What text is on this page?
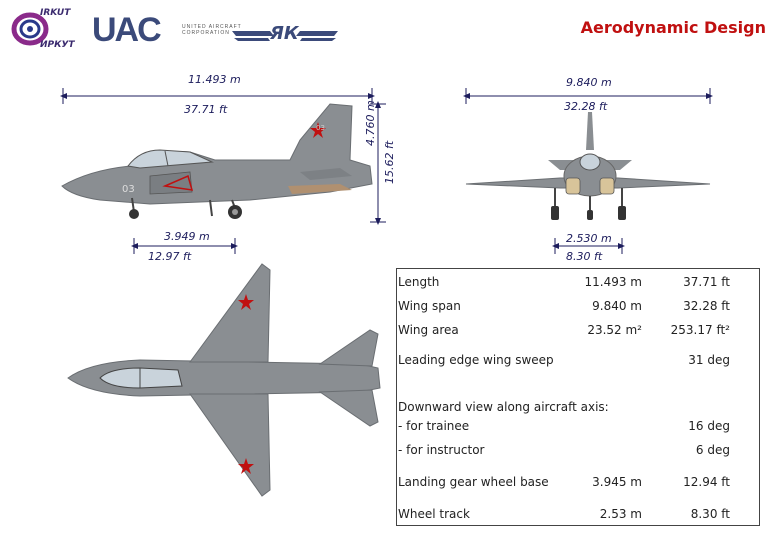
IRKUT
ИРКУТ UAC	UNITED AIRCRAFT CORPORATION	ЯК	Aerodynamic Design
11.493 m
37.71 ft	4.760 m
15.62 ft
3.949 m
12.97 ft
9.840 m
32.28 ft
2.530 m
8.30 ft
03
03
Length	11.493 m	37.71 ft
Wing span	9.840 m	32.28 ft
Wing area	23.52 m²	253.17 ft²
Leading edge wing sweep		31 deg
Downward view along aircraft axis:		
- for trainee		16 deg
- for instructor		6 deg
Landing gear wheel base	3.945 m	12.94 ft
Wheel track	2.53 m	8.30 ft
